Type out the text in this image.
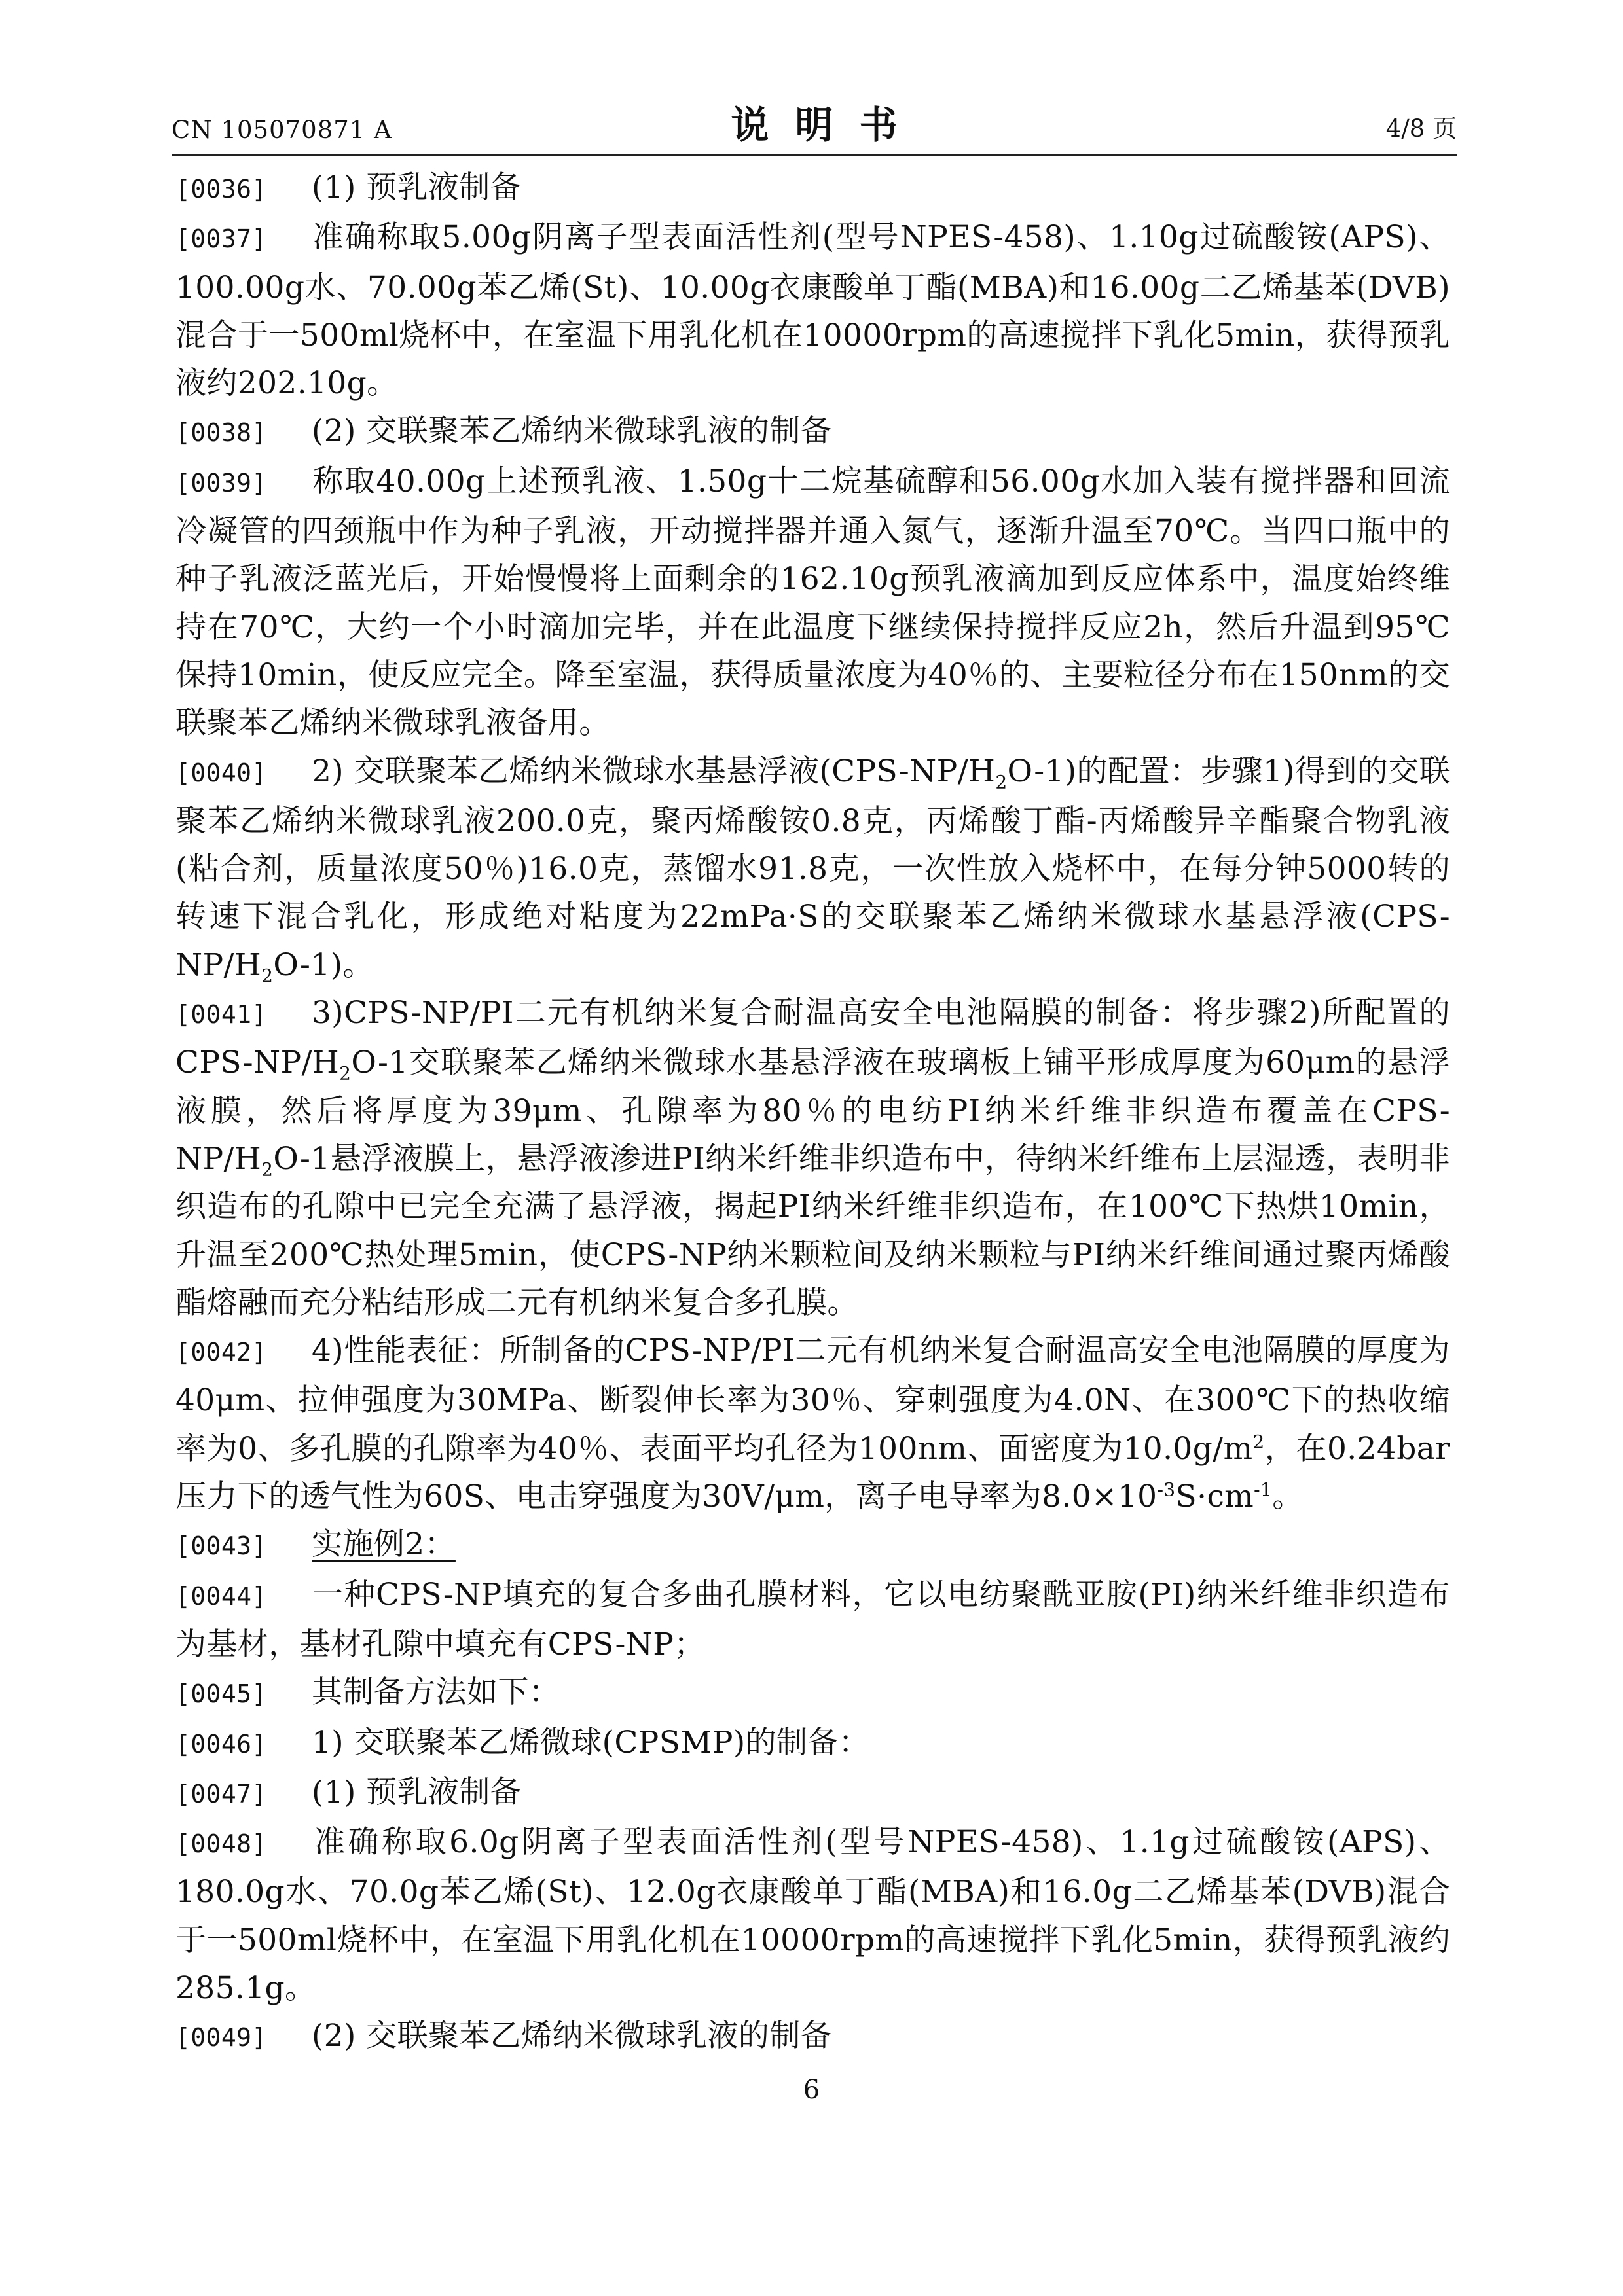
CN 105070871 A	说明书	4/8 页

[0036] (1) 预乳液制备

[0037] 准确称取5.00g阴离子型表面活性剂(型号NPES-458)、1.10g过硫酸铵(APS)、100.00g水、70.00g苯乙烯(St)、10.00g衣康酸单丁酯(MBA)和16.00g二乙烯基苯(DVB)混合于一500ml烧杯中，在室温下用乳化机在10000rpm的高速搅拌下乳化5min，获得预乳液约202.10g。

[0038] (2) 交联聚苯乙烯纳米微球乳液的制备

[0039] 称取40.00g上述预乳液、1.50g十二烷基硫醇和56.00g水加入装有搅拌器和回流冷凝管的四颈瓶中作为种子乳液，开动搅拌器并通入氮气，逐渐升温至70℃。当四口瓶中的种子乳液泛蓝光后，开始慢慢将上面剩余的162.10g预乳液滴加到反应体系中，温度始终维持在70℃，大约一个小时滴加完毕，并在此温度下继续保持搅拌反应2h，然后升温到95℃保持10min，使反应完全。降至室温，获得质量浓度为40％的、主要粒径分布在150nm的交联聚苯乙烯纳米微球乳液备用。

[0040] 2) 交联聚苯乙烯纳米微球水基悬浮液$(CPS-NP/H_2O-1)$的配置：步骤1)得到的交联聚苯乙烯纳米微球乳液200.0克，聚丙烯酸铵0.8克，丙烯酸丁酯-丙烯酸异辛酯聚合物乳液(粘合剂，质量浓度50％)16.0克，蒸馏水91.8克，一次性放入烧杯中，在每分钟5000转的转速下混合乳化，形成绝对粘度为22mPa·S的交联聚苯乙烯纳米微球水基悬浮液$(CPS-NP/H_2O-1)$。

[0041] 3)CPS-NP/PI二元有机纳米复合耐温高安全电池隔膜的制备：将步骤2)所配置的CPS-$NP/H_2O-1$交联聚苯乙烯纳米微球水基悬浮液在玻璃板上铺平形成厚度为60μm的悬浮液膜，然后将厚度为39μm、孔隙率为80％的电纺PI纳米纤维非织造布覆盖在CPS-$NP/H_2O-1$悬浮液膜上，悬浮液渗进PI纳米纤维非织造布中，待纳米纤维布上层湿透，表明非织造布的孔隙中已完全充满了悬浮液，揭起PI纳米纤维非织造布，在100℃下热烘10min，升温至200℃热处理5min，使CPS-NP纳米颗粒间及纳米颗粒与PI纳米纤维间通过聚丙烯酸酯熔融而充分粘结形成二元有机纳米复合多孔膜。

[0042] 4)性能表征：所制备的CPS-NP/PI二元有机纳米复合耐温高安全电池隔膜的厚度为40μm、拉伸强度为30MPa、断裂伸长率为30％、穿刺强度为4.0N、在300℃下的热收缩率为0、多孔膜的孔隙率为40％、表面平均孔径为100nm、面密度为$10.0g/m^2$，在0.24bar压力下的透气性为60S、电击穿强度为30V/μm，离子电导率为$8.0\times 10^{-3}S\cdot cm^{-1}$。

[0043] 实施例2：

[0044] 一种CPS-NP填充的复合多曲孔膜材料，它以电纺聚酰亚胺(PI)纳米纤维非织造布为基材，基材孔隙中填充有CPS-NP；

[0045] 其制备方法如下：

[0046] 1) 交联聚苯乙烯微球(CPSMP)的制备：

[0047] (1) 预乳液制备

[0048] 准确称取6.0g阴离子型表面活性剂(型号NPES-458)、1.1g过硫酸铵(APS)、180.0g水、70.0g苯乙烯(St)、12.0g衣康酸单丁酯(MBA)和16.0g二乙烯基苯(DVB)混合于一500ml烧杯中，在室温下用乳化机在10000rpm的高速搅拌下乳化5min，获得预乳液约285.1g。

[0049] (2) 交联聚苯乙烯纳米微球乳液的制备

6
